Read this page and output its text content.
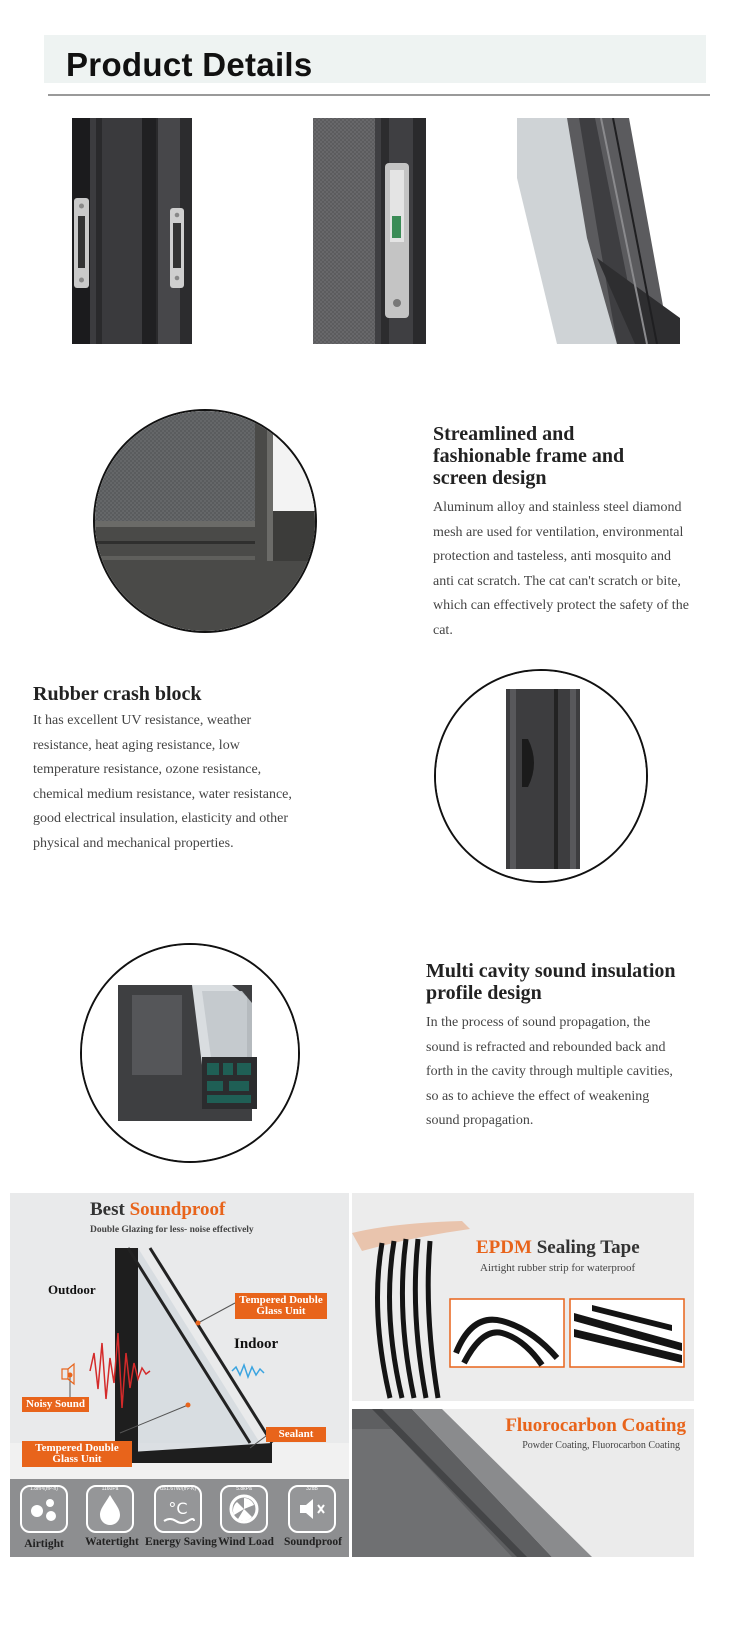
Product Details
Streamlined and fashionable frame and screen design
Aluminum alloy and stainless steel diamond mesh are used for ventilation, environmental protection and tasteless, anti mosquito and anti cat scratch. The cat can't scratch or bite, which can effectively protect the safety of the cat.
Rubber crash block
It has excellent UV resistance, weather resistance, heat aging resistance, low temperature resistance, ozone resistance, chemical medium resistance, water resistance, good electrical insulation, elasticity and other physical and mechanical properties.
Multi cavity sound insulation profile design
In the process of sound propagation, the sound is refracted and rebounded back and forth in the cavity through multiple cavities, so as to achieve the effect of weakening sound propagation.
Best Soundproof
Double Glazing for less- noise effectively
Outdoor
Indoor
Tempered Double Glass Unit
Noisy Sound
Tempered Double Glass Unit
Sealant
°C
Airtight	Watertight Energy Saving Wind Load Soundproof
1.8m³/(m²·h)	1160Pa	U≥1.67W/(m²·K)	5.8kPa	32dB
EPDM Sealing Tape
Airtight rubber strip for waterproof
Fluorocarbon Coating
Powder Coating, Fluorocarbon Coating
